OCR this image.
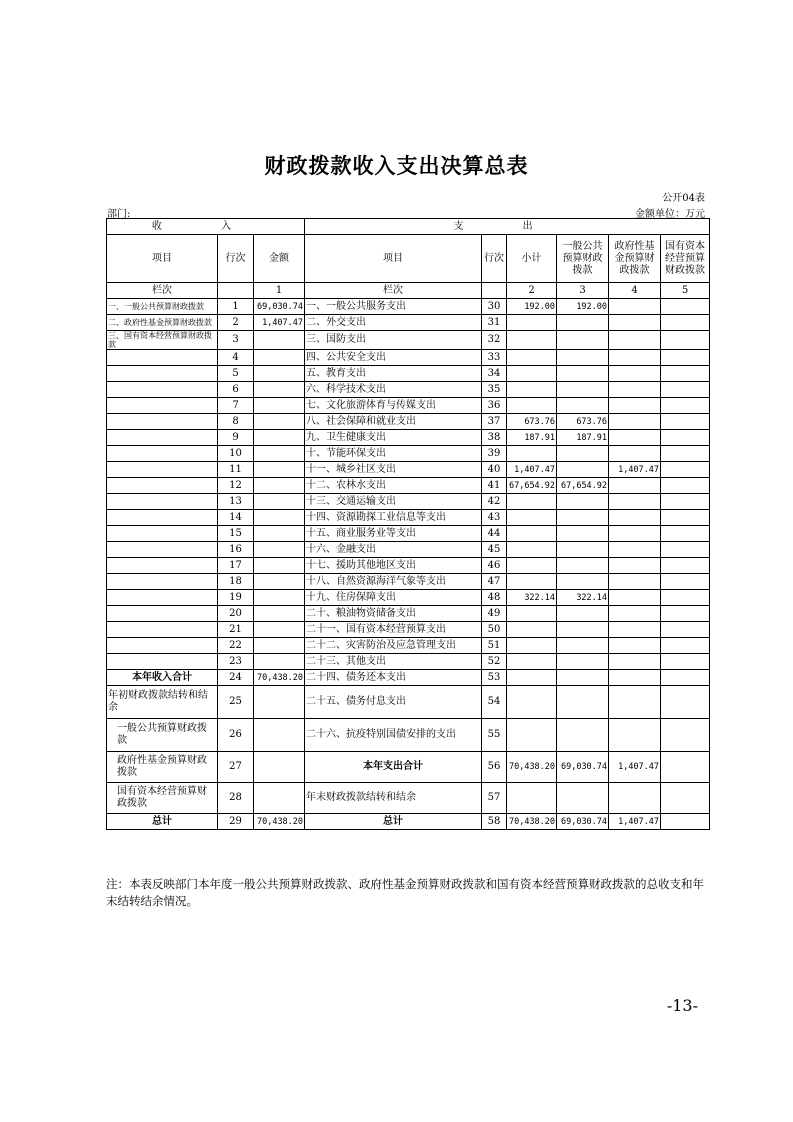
财政拨款收入支出决算总表
公开04表
部门:	金额单位：万元
收 入			支 出					
项目	行次	金额	项目	行次	小计	一般公共预算财政拨款	政府性基金预算财政拨款	国有资本经营预算财政拨款
栏次		1	栏次		2	3	4	5
一、一般公共预算财政拨款	1	69,030.74	一、一般公共服务支出	30	192.00	192.00		
二、政府性基金预算财政拨款	2	1,407.47	二、外交支出	31				
三、国有资本经营预算财政拨款	3		三、国防支出	32				
	4		四、公共安全支出	33				
	5		五、教育支出	34				
	6		六、科学技术支出	35				
	7		七、文化旅游体育与传媒支出	36				
	8		八、社会保障和就业支出	37	673.76	673.76		
	9		九、卫生健康支出	38	187.91	187.91		
	10		十、节能环保支出	39				
	11		十一、城乡社区支出	40	1,407.47		1,407.47	
	12		十二、农林水支出	41	67,654.92	67,654.92		
	13		十三、交通运输支出	42				
	14		十四、资源勘探工业信息等支出	43				
	15		十五、商业服务业等支出	44				
	16		十六、金融支出	45				
	17		十七、援助其他地区支出	46				
	18		十八、自然资源海洋气象等支出	47				
	19		十九、住房保障支出	48	322.14	322.14		
	20		二十、粮油物资储备支出	49				
	21		二十一、国有资本经营预算支出	50				
	22		二十二、灾害防治及应急管理支出	51				
	23		二十三、其他支出	52				
本年收入合计	24	70,438.20	二十四、债务还本支出	53				
年初财政拨款结转和结余	25		二十五、债务付息支出	54				
一般公共预算财政拨款	26		二十六、抗疫特别国债安排的支出	55				
政府性基金预算财政拨款	27		本年支出合计	56	70,438.20	69,030.74	1,407.47	
国有资本经营预算财政拨款	28		年末财政拨款结转和结余	57				
总计	29	70,438.20	总计	58	70,438.20	69,030.74	1,407.47	
注：本表反映部门本年度一般公共预算财政拨款、政府性基金预算财政拨款和国有资本经营预算财政拨款的总收支和年末结转结余情况。
-13-
